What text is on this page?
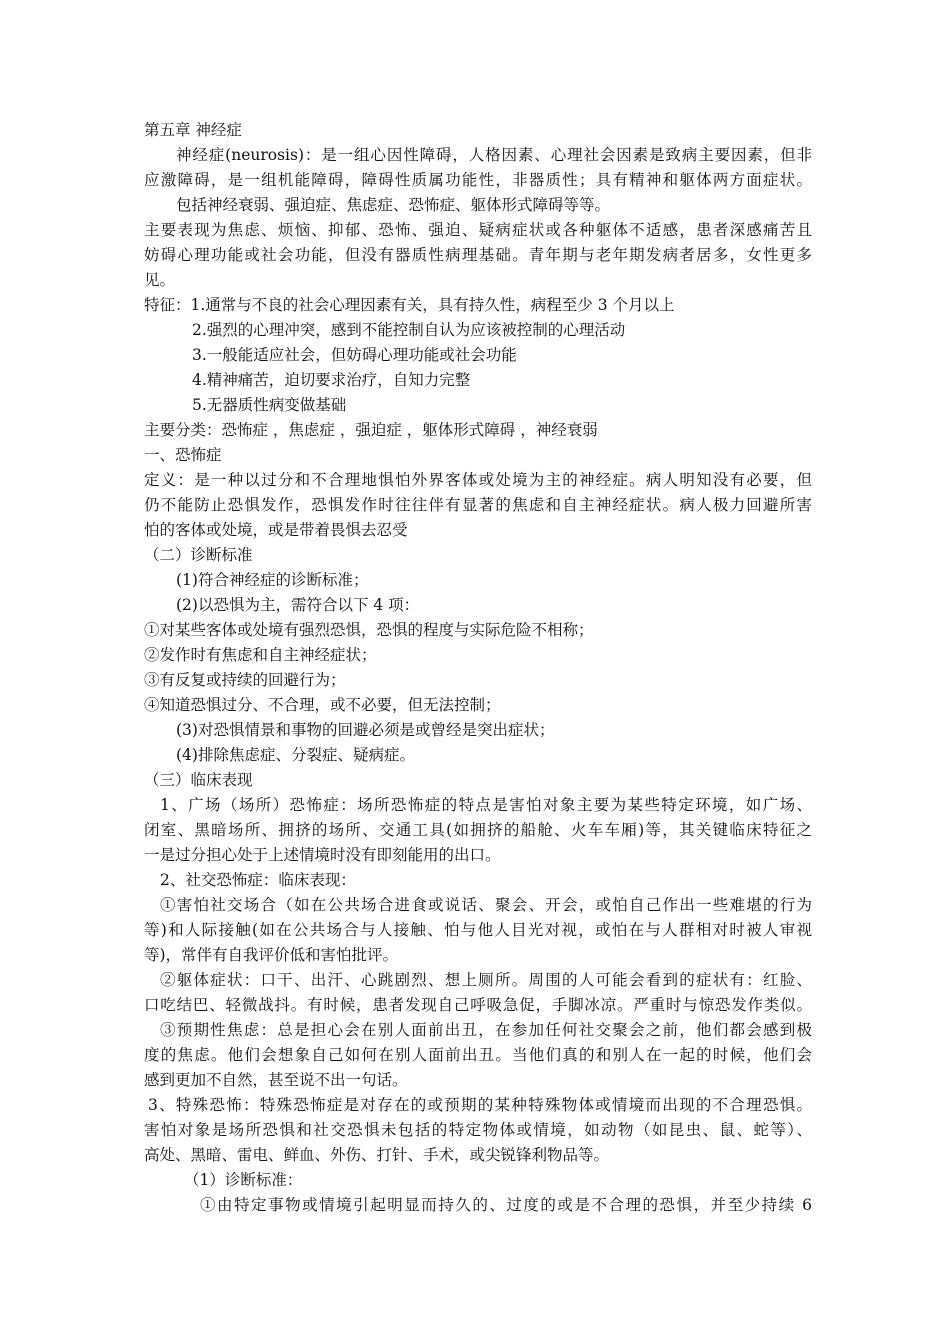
第五章 神经症
神经症(neurosis)：是一组心因性障碍，人格因素、心理社会因素是致病主要因素，但非
应激障碍，是一组机能障碍，障碍性质属功能性，非器质性；具有精神和躯体两方面症状。
包括神经衰弱、强迫症、焦虑症、恐怖症、躯体形式障碍等等。
主要表现为焦虑、烦恼、抑郁、恐怖、强迫、疑病症状或各种躯体不适感，患者深感痛苦且
妨碍心理功能或社会功能，但没有器质性病理基础。青年期与老年期发病者居多，女性更多
见。
特征：1.通常与不良的社会心理因素有关，具有持久性，病程至少 3 个月以上
2.强烈的心理冲突，感到不能控制自认为应该被控制的心理活动
3.一般能适应社会，但妨碍心理功能或社会功能
4.精神痛苦，迫切要求治疗，自知力完整
5.无器质性病变做基础
主要分类：恐怖症 ，焦虑症 ，强迫症 ，躯体形式障碍 ，神经衰弱
一、恐怖症
定义：是一种以过分和不合理地惧怕外界客体或处境为主的神经症。病人明知没有必要，但
仍不能防止恐惧发作，恐惧发作时往往伴有显著的焦虑和自主神经症状。病人极力回避所害
怕的客体或处境，或是带着畏惧去忍受
（二）诊断标准
(1)符合神经症的诊断标准；
(2)以恐惧为主，需符合以下 4 项：
①对某些客体或处境有强烈恐惧，恐惧的程度与实际危险不相称；
②发作时有焦虑和自主神经症状；
③有反复或持续的回避行为；
④知道恐惧过分、不合理，或不必要，但无法控制；
(3)对恐惧情景和事物的回避必须是或曾经是突出症状；
(4)排除焦虑症、分裂症、疑病症。
（三）临床表现
1、广场（场所）恐怖症：场所恐怖症的特点是害怕对象主要为某些特定环境，如广场、
闭室、黑暗场所、拥挤的场所、交通工具(如拥挤的船舱、火车车厢)等，其关键临床特征之
一是过分担心处于上述情境时没有即刻能用的出口。
2、社交恐怖症：临床表现：
①害怕社交场合（如在公共场合进食或说话、聚会、开会，或怕自己作出一些难堪的行为
等)和人际接触(如在公共场合与人接触、怕与他人目光对视，或怕在与人群相对时被人审视
等)，常伴有自我评价低和害怕批评。
②躯体症状：口干、出汗、心跳剧烈、想上厕所。周围的人可能会看到的症状有：红脸、
口吃结巴、轻微战抖。有时候，患者发现自己呼吸急促，手脚冰凉。严重时与惊恐发作类似。
③预期性焦虑：总是担心会在别人面前出丑，在参加任何社交聚会之前，他们都会感到极
度的焦虑。他们会想象自己如何在别人面前出丑。当他们真的和别人在一起的时候，他们会
感到更加不自然，甚至说不出一句话。
3、特殊恐怖：特殊恐怖症是对存在的或预期的某种特殊物体或情境而出现的不合理恐惧。
害怕对象是场所恐惧和社交恐惧未包括的特定物体或情境，如动物（如昆虫、鼠、蛇等）、
高处、黑暗、雷电、鲜血、外伤、打针、手术，或尖锐锋利物品等。
（1）诊断标准：
①由特定事物或情境引起明显而持久的、过度的或是不合理的恐惧，并至少持续 6
